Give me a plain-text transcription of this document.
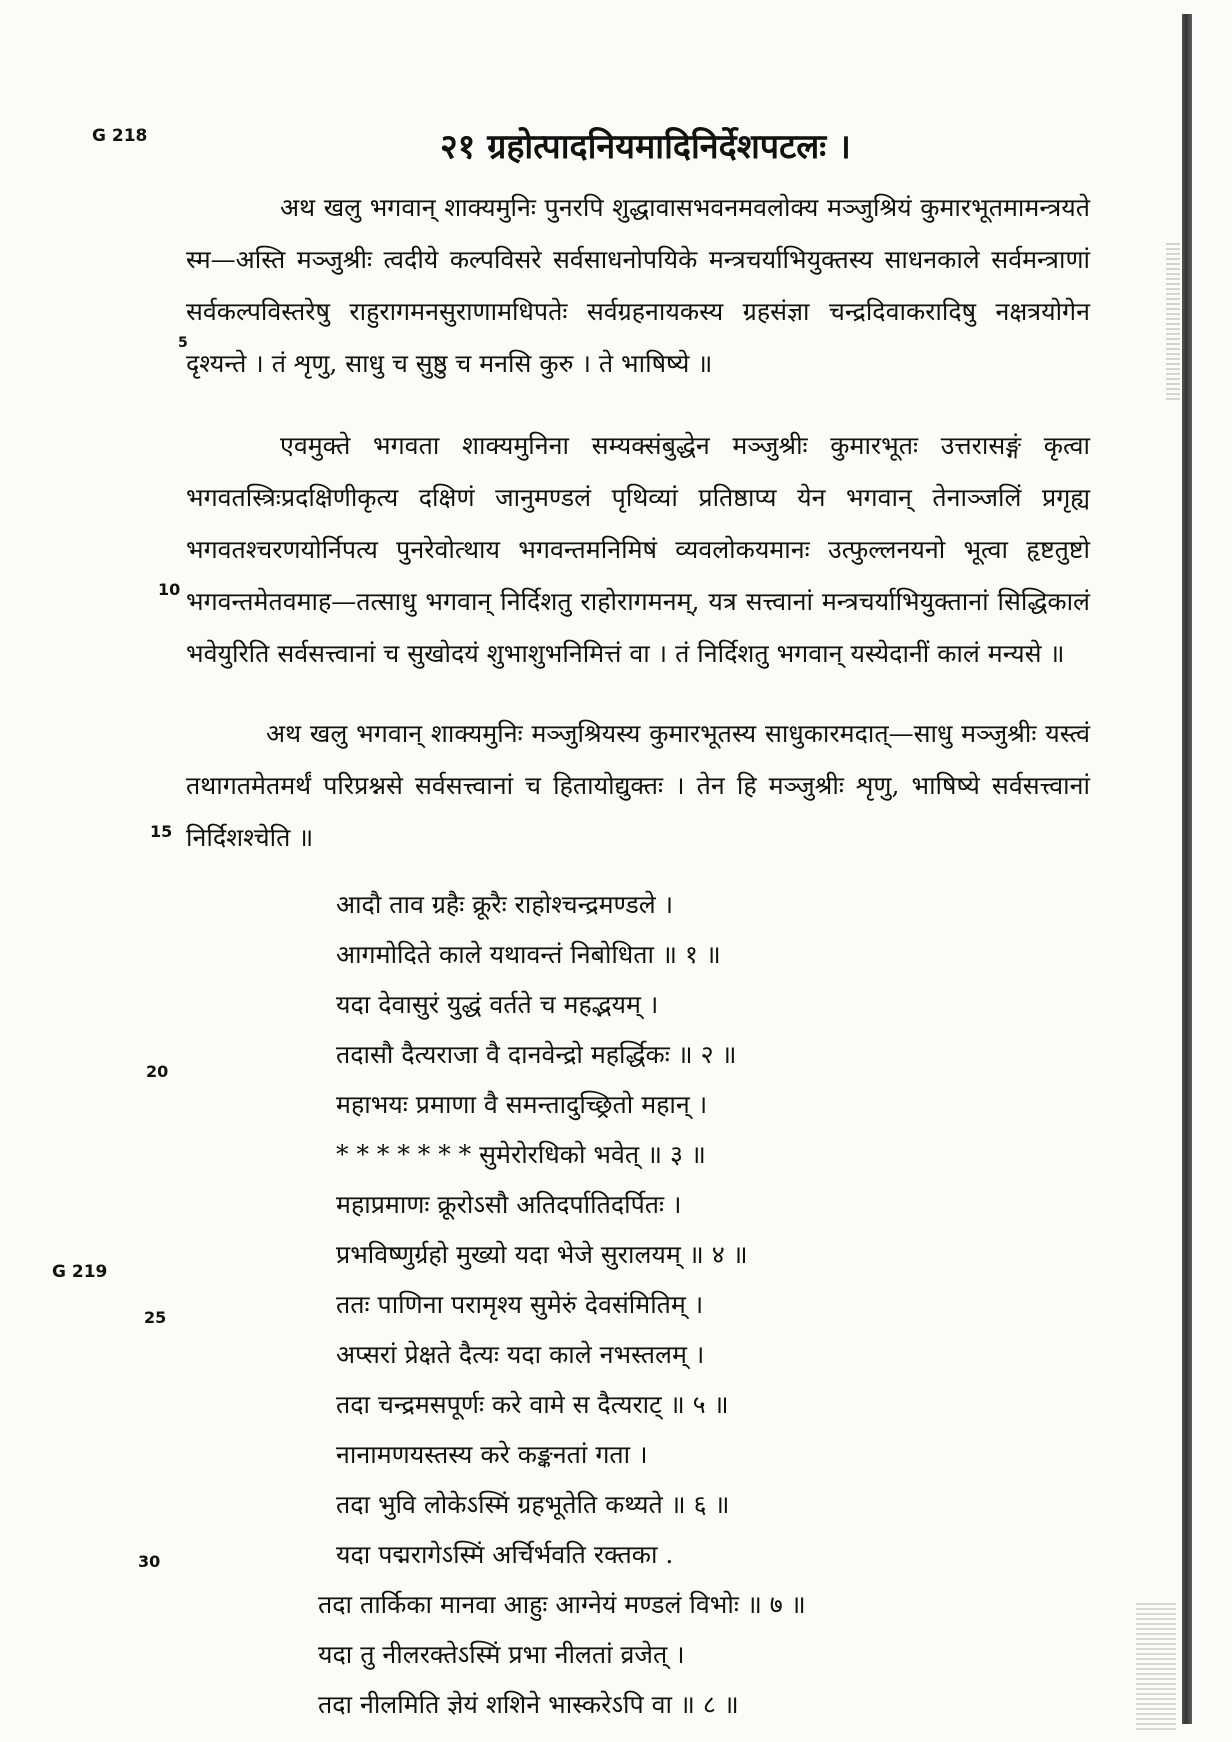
G 218
G 219
5
10
15
20
25
30
२१ ग्रहोत्पादनियमादिनिर्देशपटलः ।

अथ खलु भगवान् शाक्यमुनिः पुनरपि शुद्धावासभवनमवलोक्य मञ्जुश्रियं कुमारभूतमामन्त्रयते स्म—अस्ति मञ्जुश्रीः त्वदीये कल्पविसरे सर्वसाधनोपयिके मन्त्रचर्याभियुक्तस्य साधनकाले सर्वमन्त्राणां सर्वकल्पविस्तरेषु राहुरागमनसुराणामधिपतेः सर्वग्रहनायकस्य ग्रहसंज्ञा चन्द्रदिवाकरादिषु नक्षत्रयोगेन दृश्यन्ते । तं शृणु, साधु च सुष्ठु च मनसि कुरु । ते भाषिष्ये ॥

एवमुक्ते भगवता शाक्यमुनिना सम्यक्संबुद्धेन मञ्जुश्रीः कुमारभूतः उत्तरासङ्गं कृत्वा भगवतस्त्रिःप्रदक्षिणीकृत्य दक्षिणं जानुमण्डलं पृथिव्यां प्रतिष्ठाप्य येन भगवान् तेनाञ्जलिं प्रगृह्य भगवतश्चरणयोर्निपत्य पुनरेवोत्थाय भगवन्तमनिमिषं व्यवलोकयमानः उत्फुल्लनयनो भूत्वा हृष्टतुष्टो भगवन्तमेतवमाह—तत्साधु भगवान् निर्दिशतु राहोरागमनम्, यत्र सत्त्वानां मन्त्रचर्याभियुक्तानां सिद्धिकालं भवेयुरिति सर्वसत्त्वानां च सुखोदयं शुभाशुभनिमित्तं वा । तं निर्दिशतु भगवान् यस्येदानीं कालं मन्यसे ॥

अथ खलु भगवान् शाक्यमुनिः मञ्जुश्रियस्य कुमारभूतस्य साधुकारमदात्—साधु मञ्जुश्रीः यस्त्वं तथागतमेतमर्थं परिप्रश्नसे सर्वसत्त्वानां च हितायोद्युक्तः । तेन हि मञ्जुश्रीः शृणु, भाषिष्ये सर्वसत्त्वानां निर्दिशश्चेति ॥

आदौ ताव ग्रहैः क्रूरैः राहोश्चन्द्रमण्डले ।
आगमोदिते काले यथावन्तं निबोधिता ॥ १ ॥
यदा देवासुरं युद्धं वर्तते च महद्भयम् ।
तदासौ दैत्यराजा वै दानवेन्द्रो महर्द्धिकः ॥ २ ॥
महाभयः प्रमाणा वै समन्तादुच्छ्रितो महान् ।
* * * * * * * सुमेरोरधिको भवेत् ॥ ३ ॥
महाप्रमाणः क्रूरोऽसौ अतिदर्पातिदर्पितः ।
प्रभविष्णुर्ग्रहो मुख्यो यदा भेजे सुरालयम् ॥ ४ ॥
ततः पाणिना परामृश्य सुमेरुं देवसंमितिम् ।
अप्सरां प्रेक्षते दैत्यः यदा काले नभस्तलम् ।
तदा चन्द्रमसपूर्णः करे वामे स दैत्यराट् ॥ ५ ॥
नानामणयस्तस्य करे कङ्कनतां गता ।
तदा भुवि लोकेऽस्मिं ग्रहभूतेति कथ्यते ॥ ६ ॥
यदा पद्मरागेऽस्मिं अर्चिर्भवति रक्तका .
तदा तार्किका मानवा आहुः आग्नेयं मण्डलं विभोः ॥ ७ ॥
यदा तु नीलरक्तेऽस्मिं प्रभा नीलतां व्रजेत् ।
तदा नीलमिति ज्ञेयं शशिने भास्करेऽपि वा ॥ ८ ॥
